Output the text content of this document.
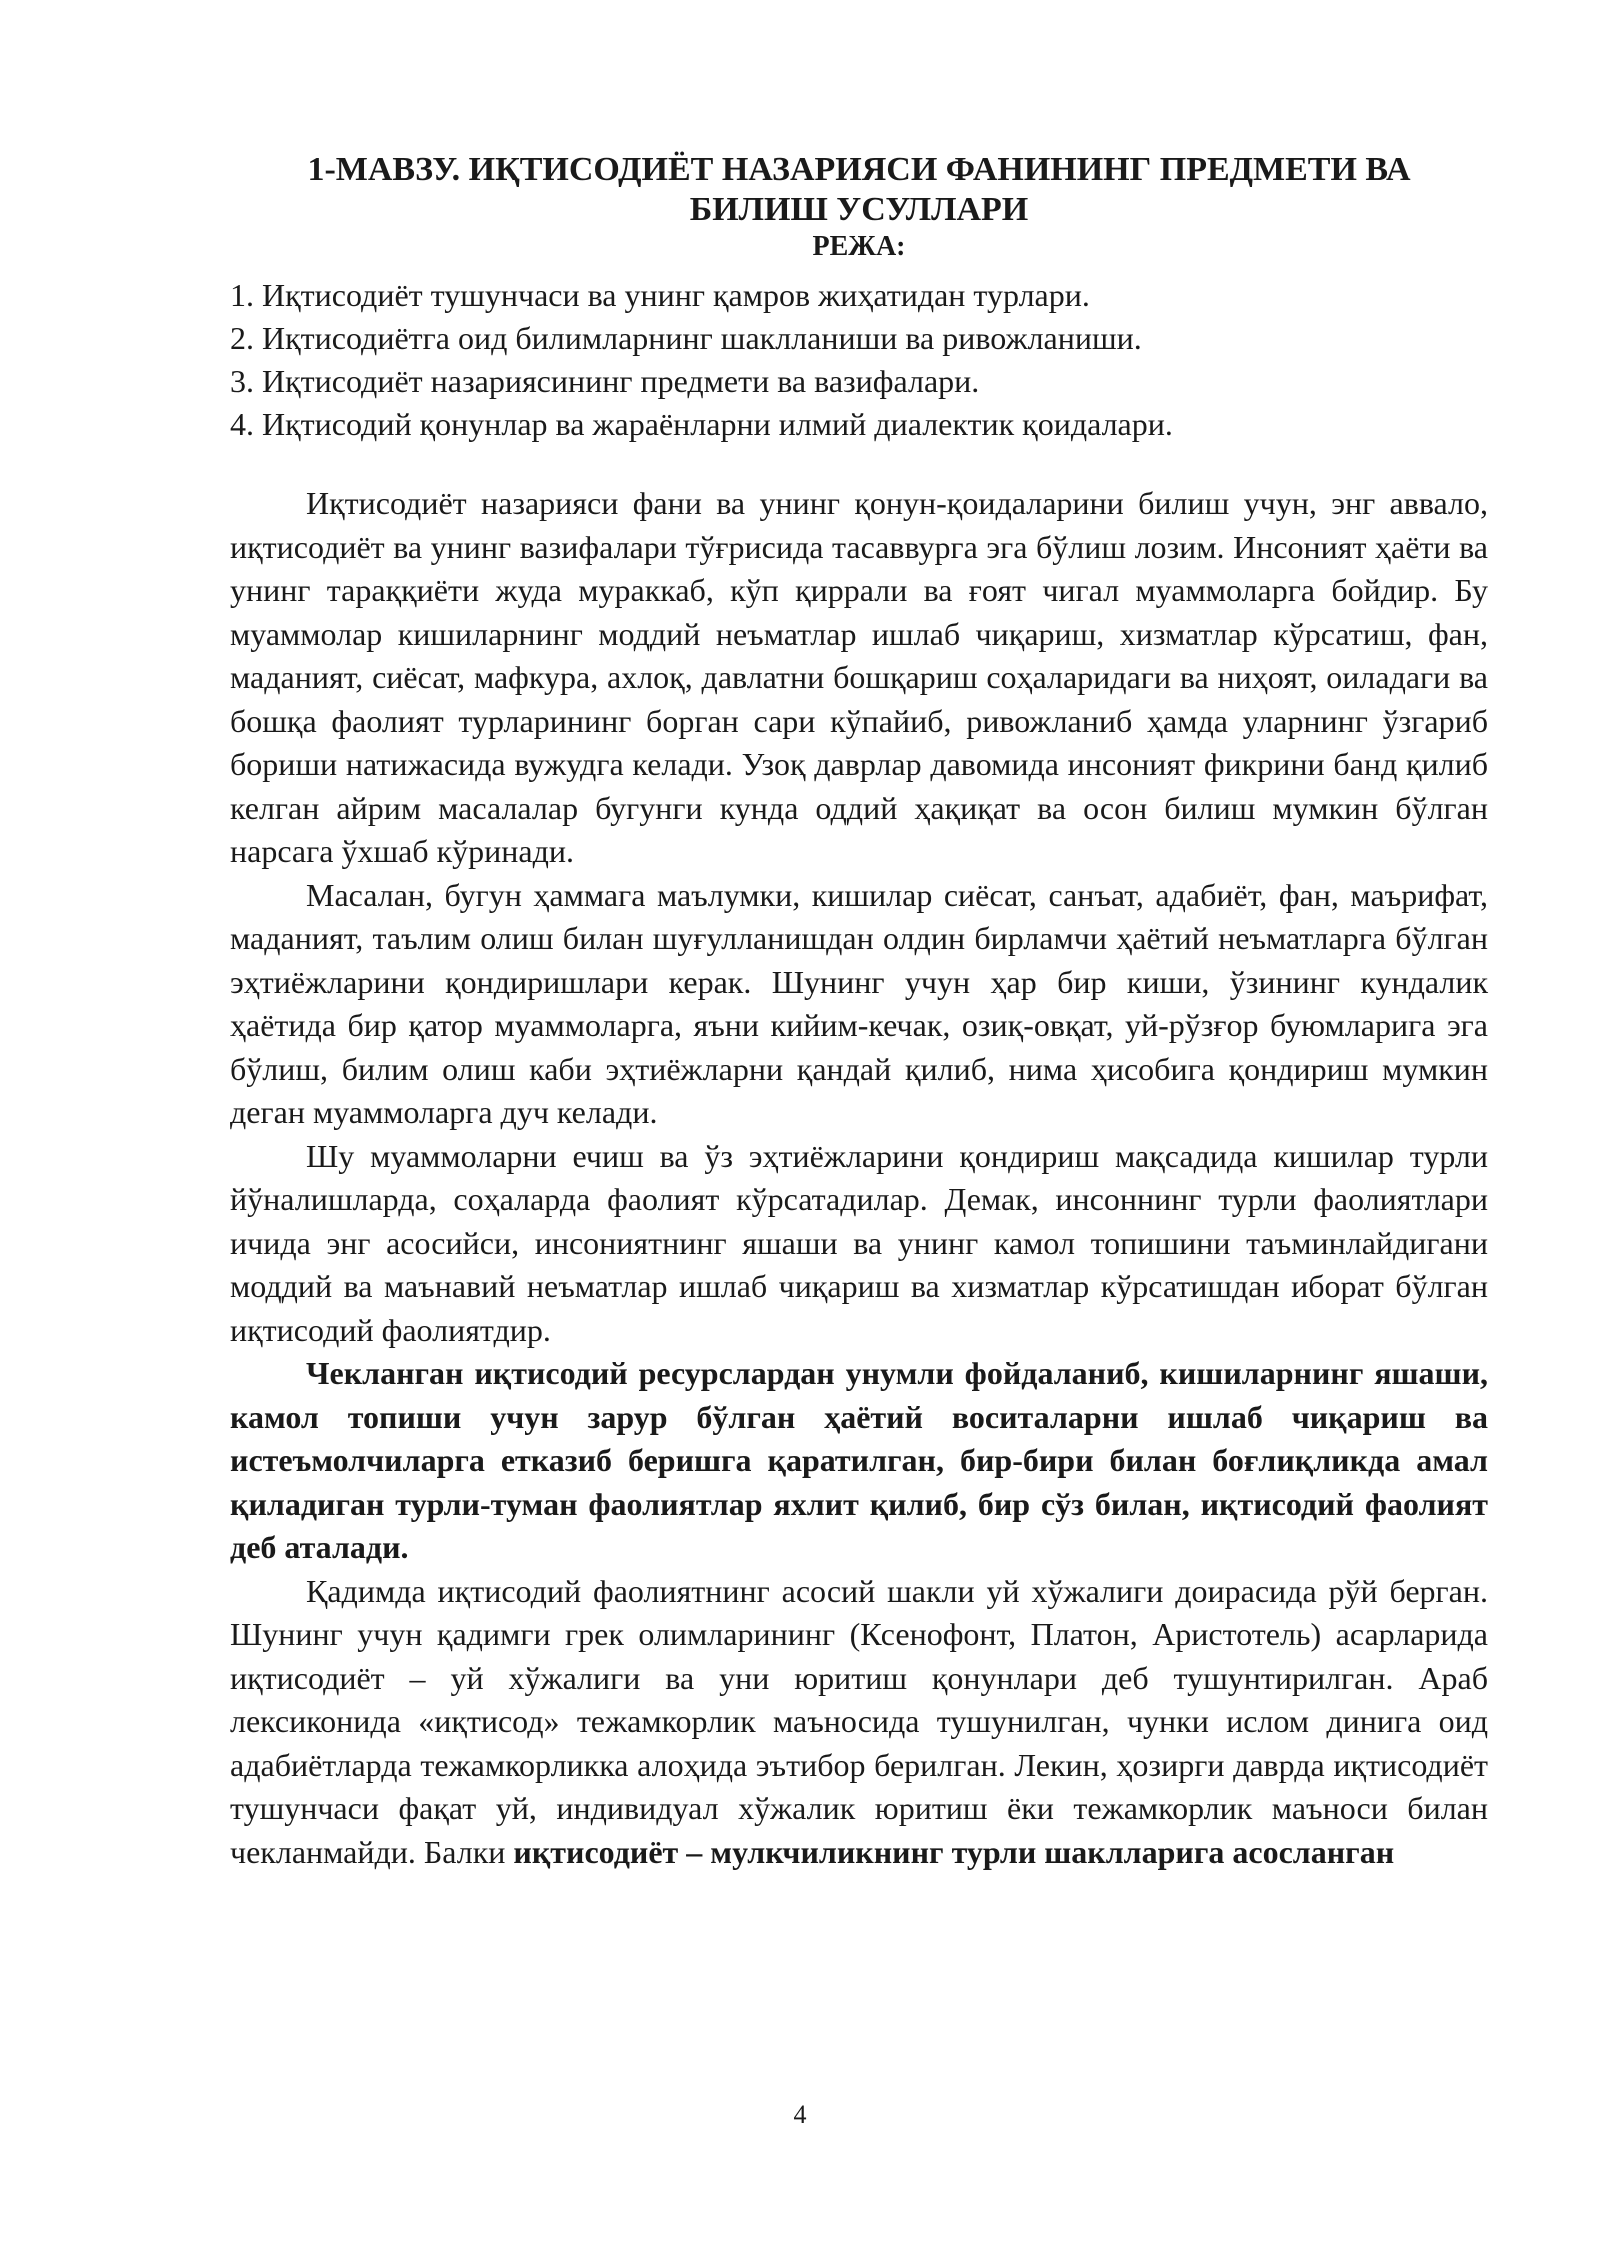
1-МАВЗУ. ИҚТИСОДИЁТ НАЗАРИЯСИ ФАНИНИНГ ПРЕДМЕТИ ВА
БИЛИШ УСУЛЛАРИ
РЕЖА:
1. Иқтисодиёт тушунчаси ва унинг қамров жиҳатидан турлари.
2. Иқтисодиётга оид билимларнинг шаклланиши ва ривожланиши.
3. Иқтисодиёт назариясининг предмети ва вазифалари.
4. Иқтисодий қонунлар ва жараёнларни илмий диалектик қоидалари.

Иқтисодиёт назарияси фани ва унинг қонун-қоидаларини билиш учун, энг аввало, иқтисодиёт ва унинг вазифалари тўғрисида тасаввурга эга бўлиш лозим. Инсоният ҳаёти ва унинг тараққиёти жуда мураккаб, кўп қиррали ва ғоят чигал муаммоларга бойдир. Бу муаммолар кишиларнинг моддий неъматлар ишлаб чиқариш, хизматлар кўрсатиш, фан, маданият, сиёсат, мафкура, ахлоқ, давлатни бошқариш соҳаларидаги ва ниҳоят, оиладаги ва бошқа фаолият турларининг борган сари кўпайиб, ривожланиб ҳамда уларнинг ўзгариб бориши натижасида вужудга келади. Узоқ даврлар давомида инсоният фикрини банд қилиб келган айрим масалалар бугунги кунда оддий ҳақиқат ва осон билиш мумкин бўлган нарсага ўхшаб кўринади.

Масалан, бугун ҳаммага маълумки, кишилар сиёсат, санъат, адабиёт, фан, маърифат, маданият, таълим олиш билан шуғулланишдан олдин бирламчи ҳаётий неъматларга бўлган эҳтиёжларини қондиришлари керак. Шунинг учун ҳар бир киши, ўзининг кундалик ҳаётида бир қатор муаммоларга, яъни кийим-кечак, озиқ-овқат, уй-рўзғор буюмларига эга бўлиш, билим олиш каби эҳтиёжларни қандай қилиб, нима ҳисобига қондириш мумкин деган муаммоларга дуч келади.

Шу муаммоларни ечиш ва ўз эҳтиёжларини қондириш мақсадида кишилар турли йўналишларда, соҳаларда фаолият кўрсатадилар. Демак, инсоннинг турли фаолиятлари ичида энг асосийси, инсониятнинг яшаши ва унинг камол топишини таъминлайдигани моддий ва маънавий неъматлар ишлаб чиқариш ва хизматлар кўрсатишдан иборат бўлган иқтисодий фаолиятдир.

Чекланган иқтисодий ресурслардан унумли фойдаланиб, кишиларнинг яшаши, камол топиши учун зарур бўлган ҳаётий воситаларни ишлаб чиқариш ва истеъмолчиларга етказиб беришга қаратилган, бир-бири билан боғлиқликда амал қиладиган турли-туман фаолиятлар яхлит қилиб, бир сўз билан, иқтисодий фаолият деб аталади.

Қадимда иқтисодий фаолиятнинг асосий шакли уй хўжалиги доирасида рўй берган. Шунинг учун қадимги грек олимларининг (Ксенофонт, Платон, Аристотель) асарларида иқтисодиёт – уй хўжалиги ва уни юритиш қонунлари деб тушунтирилган. Араб лексиконида «иқтисод» тежамкорлик маъносида тушунилган, чунки ислом динига оид адабиётларда тежамкорликка алоҳида эътибор берилган. Лекин, ҳозирги даврда иқтисодиёт тушунчаси фақат уй, индивидуал хўжалик юритиш ёки тежамкорлик маъноси билан чекланмайди. Балки иқтисодиёт – мулкчиликнинг турли шаклларига асосланган

4
